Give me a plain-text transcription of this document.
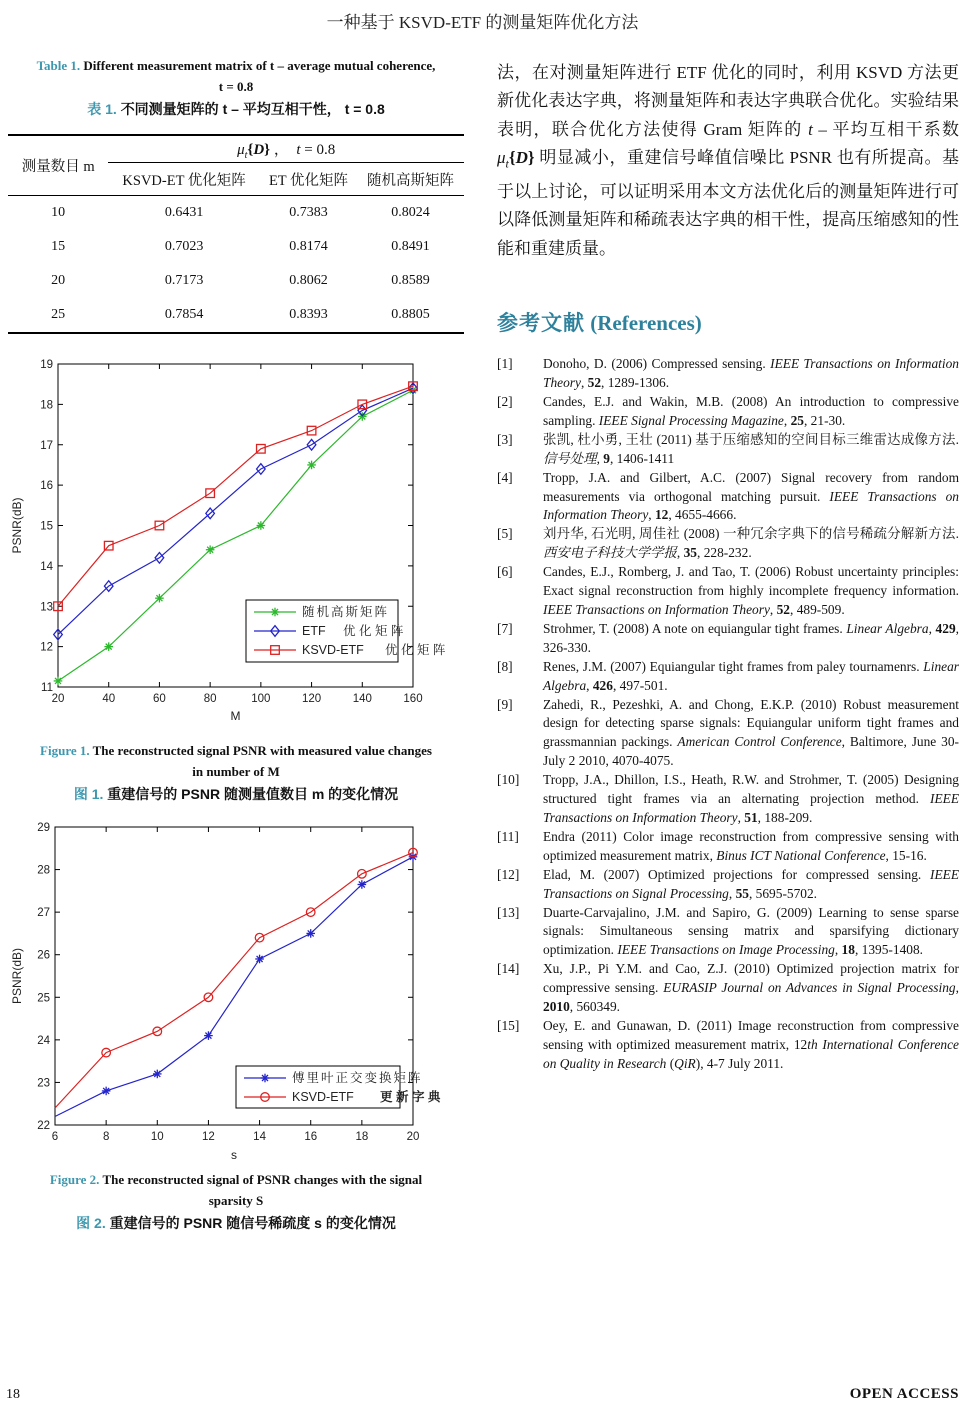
一种基于 KSVD-ETF 的测量矩阵优化方法
Table 1. Different measurement matrix of t – average mutual coherence, t = 0.8
表 1. 不同测量矩阵的 t – 平均互相干性， t = 0.8
测量数目 m	$\mu_t\{D\}$ ， t = 0.8		
	KSVD-ET 优化矩阵	ET 优化矩阵	随机高斯矩阵
10	0.6431	0.7383	0.8024
15	0.7023	0.8174	0.8491
20	0.7173	0.8062	0.8589
25	0.7854	0.8393	0.8805
20	40	60	80	100	120	140	160
11
12
13
14
15
16
17
18
19
M
PSNR(dB)
随机高斯矩阵
ETF
KSVD-ETF
优 化 矩 阵
优 化 矩 阵
Figure 1. The reconstructed signal PSNR with measured value changes in number of M
图 1. 重建信号的 PSNR 随测量值数目 m 的变化情况
6	8	10	12	14	16	18	20
22
23
24
25
26
27
28
29
s
PSNR(dB)
傅里叶正交变换矩阵
KSVD-ETF 更 新 字 典
Figure 2. The reconstructed signal of PSNR changes with the signal sparsity S
图 2. 重建信号的 PSNR 随信号稀疏度 s 的变化情况

法，在对测量矩阵进行 ETF 优化的同时，利用 KSVD 方法更新优化表达字典，将测量矩阵和表达字典联合优化。实验结果表明，联合优化方法使得 Gram 矩阵的 t – 平均互相干系数 $\mu_t\{D\}$ 明显减小，重建信号峰值信噪比 PSNR 也有所提高。基于以上讨论，可以证明采用本文方法优化后的测量矩阵进行可以降低测量矩阵和稀疏表达字典的相干性，提高压缩感知的性能和重建质量。

参考文献 (References)
[1] Donoho, D. (2006) Compressed sensing. IEEE Transactions on Information Theory, 52, 1289-1306.
[2] Candes, E.J. and Wakin, M.B. (2008) An introduction to compressive sampling. IEEE Signal Processing Magazine, 25, 21-30.
[3] 张凯, 杜小勇, 王壮 (2011) 基于压缩感知的空间目标三维雷达成像方法. 信号处理, 9, 1406-1411
[4] Tropp, J.A. and Gilbert, A.C. (2007) Signal recovery from random measurements via orthogonal matching pursuit. IEEE Transactions on Information Theory, 12, 4655-4666.
[5] 刘丹华, 石光明, 周佳社 (2008) 一种冗余字典下的信号稀疏分解新方法. 西安电子科技大学学报, 35, 228-232.
[6] Candes, E.J., Romberg, J. and Tao, T. (2006) Robust uncertainty principles: Exact signal reconstruction from highly incomplete frequency information. IEEE Transactions on Information Theory, 52, 489-509.
[7] Strohmer, T. (2008) A note on equiangular tight frames. Linear Algebra, 429, 326-330.
[8] Renes, J.M. (2007) Equiangular tight frames from paley tournamenrs. Linear Algebra, 426, 497-501.
[9] Zahedi, R., Pezeshki, A. and Chong, E.K.P. (2010) Robust measurement design for detecting sparse signals: Equiangular uniform tight frames and grassmannian packings. American Control Conference, Baltimore, June 30-July 2 2010, 4070-4075.
[10] Tropp, J.A., Dhillon, I.S., Heath, R.W. and Strohmer, T. (2005) Designing structured tight frames via an alternating projection method. IEEE Transactions on Information Theory, 51, 188-209.
[11] Endra (2011) Color image reconstruction from compressive sensing with optimized measurement matrix, Binus ICT National Conference, 15-16.
[12] Elad, M. (2007) Optimized projections for compressed sensing. IEEE Transactions on Signal Processing, 55, 5695-5702.
[13] Duarte-Carvajalino, J.M. and Sapiro, G. (2009) Learning to sense sparse signals: Simultaneous sensing matrix and sparsifying dictionary optimization. IEEE Transactions on Image Processing, 18, 1395-1408.
[14] Xu, J.P., Pi Y.M. and Cao, Z.J. (2010) Optimized projection matrix for compressive sensing. EURASIP Journal on Advances in Signal Processing, 2010, 560349.
[15] Oey, E. and Gunawan, D. (2011) Image reconstruction from compressive sensing with optimized measurement matrix, 12th International Conference on Quality in Research (QiR), 4-7 July 2011.
18	OPEN ACCESS
